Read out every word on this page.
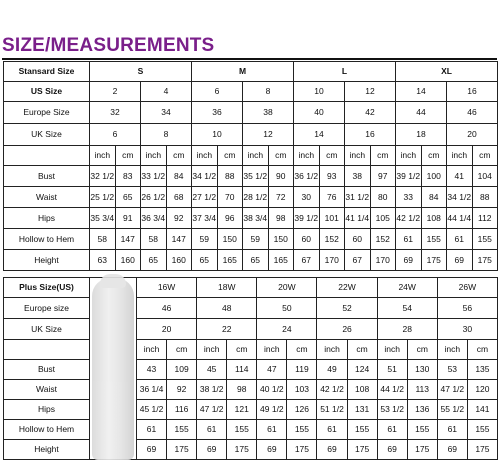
SIZE/MEASUREMENTS
Stansard Size	S				M				L				XL			
US Size	2		4		6		8		10		12		14		16	
Europe Size	32		34		36		38		40		42		44		46	
UK Size	6		8		10		12		14		16		18		20	
	inch	cm	inch	cm	inch	cm	inch	cm	inch	cm	inch	cm	inch	cm	inch	cm
Bust	32 1/2	83	33 1/2	84	34 1/2	88	35 1/2	90	36 1/2	93	38	97	39 1/2	100	41	104
Waist	25 1/2	65	26 1/2	68	27 1/2	70	28 1/2	72	30	76	31 1/2	80	33	84	34 1/2	88
Hips	35 3/4	91	36 3/4	92	37 3/4	96	38 3/4	98	39 1/2	101	41 1/4	105	42 1/2	108	44 1/4	112
Hollow to Hem	58	147	58	147	59	150	59	150	60	152	60	152	61	155	61	155
Height	63	160	65	160	65	165	65	165	67	170	67	170	69	175	69	175
Plus Size(US)		16W		18W		20W		22W		24W		26W	
Europe size		46		48		50		52		54		56	
UK Size		20		22		24		26		28		30	
		inch	cm	inch	cm	inch	cm	inch	cm	inch	cm	inch	cm
Bust		43	109	45	114	47	119	49	124	51	130	53	135
Waist		36 1/4	92	38 1/2	98	40 1/2	103	42 1/2	108	44 1/2	113	47 1/2	120
Hips		45 1/2	116	47 1/2	121	49 1/2	126	51 1/2	131	53 1/2	136	55 1/2	141
Hollow to Hem		61	155	61	155	61	155	61	155	61	155	61	155
Height		69	175	69	175	69	175	69	175	69	175	69	175
